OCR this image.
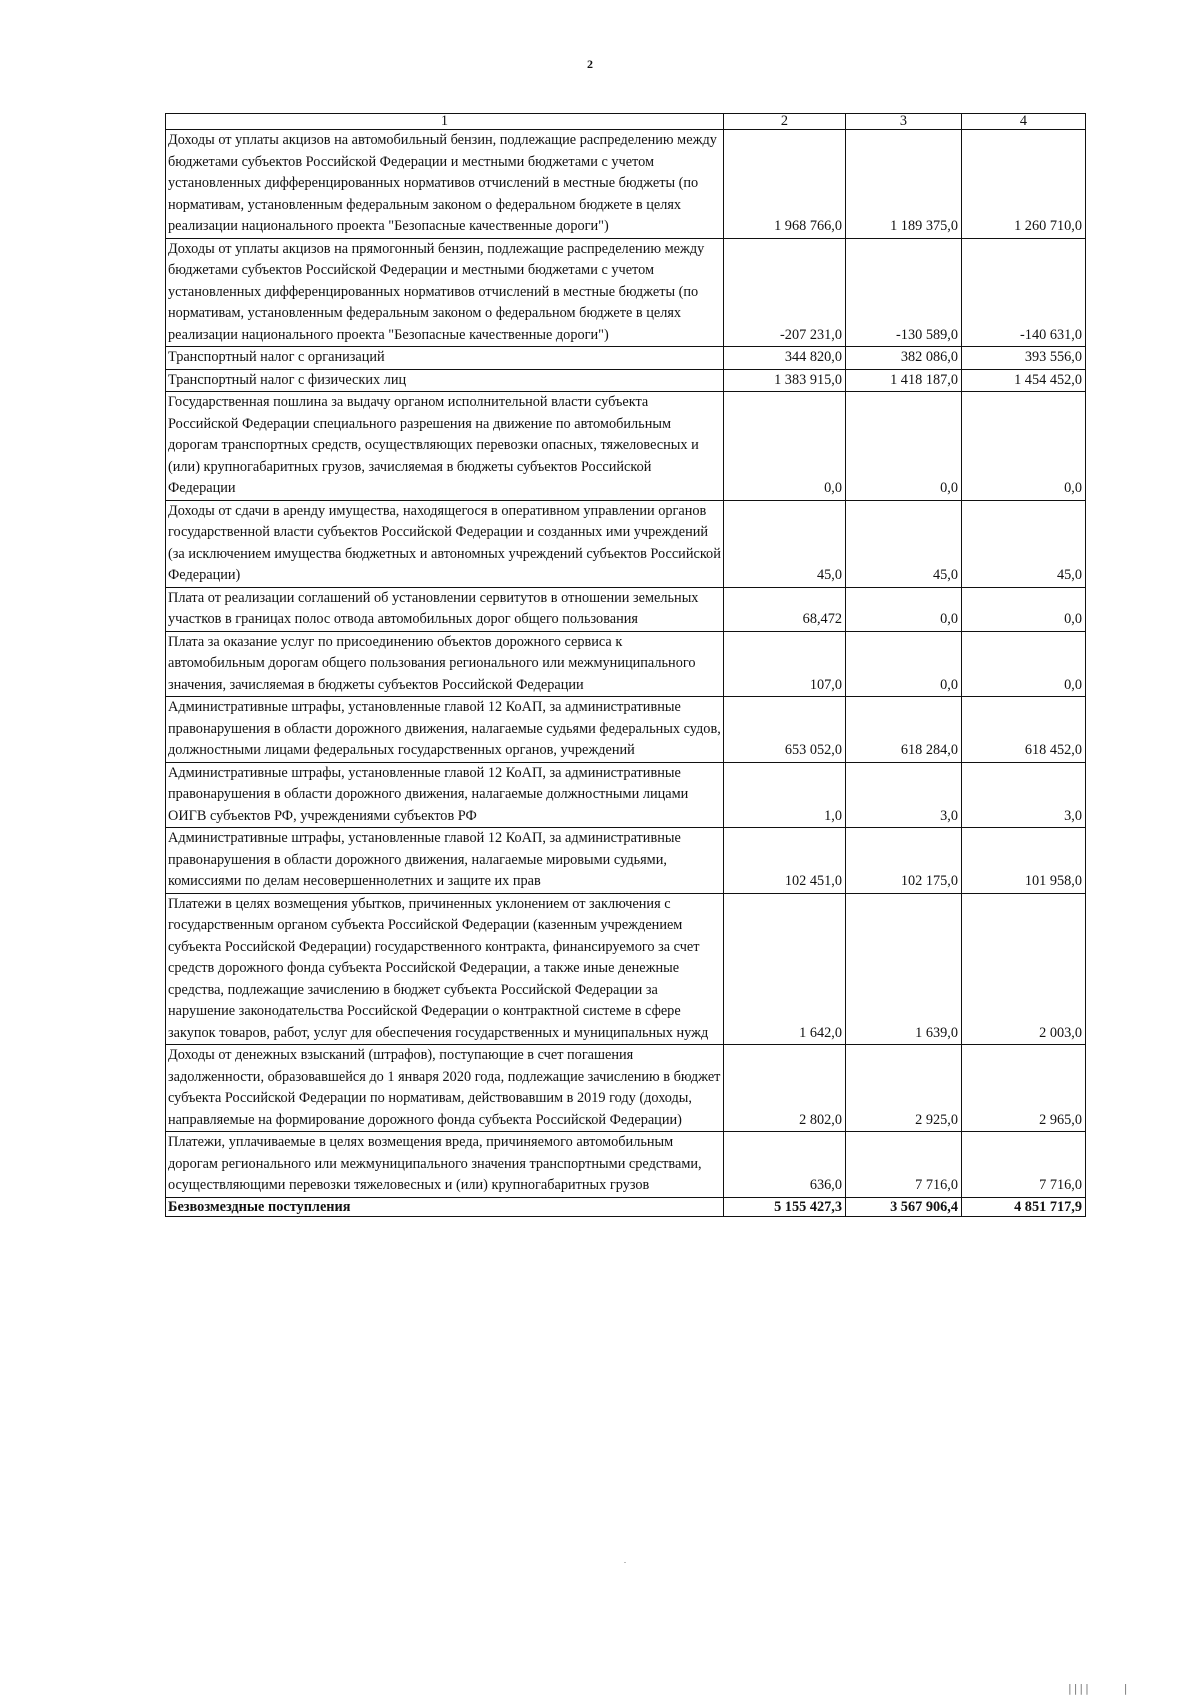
2
1	2	3	4
Доходы от уплаты акцизов на автомобильный бензин, подлежащие распределению между бюджетами субъектов Российской Федерации и местными бюджетами с учетом установленных дифференцированных нормативов отчислений в местные бюджеты (по нормативам, установленным федеральным законом о федеральном бюджете в целях реализации национального проекта "Безопасные качественные дороги")	1 968 766,0	1 189 375,0	1 260 710,0
Доходы от уплаты акцизов на прямогонный бензин, подлежащие распределению между бюджетами субъектов Российской Федерации и местными бюджетами с учетом установленных дифференцированных нормативов отчислений в местные бюджеты (по нормативам, установленным федеральным законом о федеральном бюджете в целях реализации национального проекта "Безопасные качественные дороги")	-207 231,0	-130 589,0	-140 631,0
Транспортный налог с организаций	344 820,0	382 086,0	393 556,0
Транспортный налог с физических лиц	1 383 915,0	1 418 187,0	1 454 452,0
Государственная пошлина за выдачу органом исполнительной власти субъекта Российской Федерации специального разрешения на движение по автомобильным дорогам транспортных средств, осуществляющих перевозки опасных, тяжеловесных и (или) крупногабаритных грузов, зачисляемая в бюджеты субъектов Российской Федерации	0,0	0,0	0,0
Доходы от сдачи в аренду имущества, находящегося в оперативном управлении органов государственной власти субъектов Российской Федерации и созданных ими учреждений (за исключением имущества бюджетных и автономных учреждений субъектов Российской Федерации)	45,0	45,0	45,0
Плата от реализации соглашений об установлении сервитутов в отношении земельных участков в границах полос отвода автомобильных дорог общего пользования	68,472	0,0	0,0
Плата за оказание услуг по присоединению объектов дорожного сервиса к автомобильным дорогам общего пользования регионального или межмуниципального значения, зачисляемая в бюджеты субъектов Российской Федерации	107,0	0,0	0,0
Административные штрафы, установленные главой 12 КоАП, за административные правонарушения в области дорожного движения, налагаемые судьями федеральных судов, должностными лицами федеральных государственных органов, учреждений	653 052,0	618 284,0	618 452,0
Административные штрафы, установленные главой 12 КоАП, за административные правонарушения в области дорожного движения, налагаемые должностными лицами ОИГВ субъектов РФ, учреждениями субъектов РФ	1,0	3,0	3,0
Административные штрафы, установленные главой 12 КоАП, за административные правонарушения в области дорожного движения, налагаемые мировыми судьями, комиссиями по делам несовершеннолетних и защите их прав	102 451,0	102 175,0	101 958,0
Платежи в целях возмещения убытков, причиненных уклонением от заключения с государственным органом субъекта Российской Федерации (казенным учреждением субъекта Российской Федерации) государственного контракта, финансируемого за счет средств дорожного фонда субъекта Российской Федерации, а также иные денежные средства, подлежащие зачислению в бюджет субъекта Российской Федерации за нарушение законодательства Российской Федерации о контрактной системе в сфере закупок товаров, работ, услуг для обеспечения государственных и муниципальных нужд	1 642,0	1 639,0	2 003,0
Доходы от денежных взысканий (штрафов), поступающие в счет погашения задолженности, образовавшейся до 1 января 2020 года, подлежащие зачислению в бюджет субъекта Российской Федерации по нормативам, действовавшим в 2019 году (доходы, направляемые на формирование дорожного фонда субъекта Российской Федерации)	2 802,0	2 925,0	2 965,0
Платежи, уплачиваемые в целях возмещения вреда, причиняемого автомобильным дорогам регионального или межмуниципального значения транспортными средствами, осуществляющими перевозки тяжеловесных и (или) крупногабаритных грузов	636,0	7 716,0	7 716,0
Безвозмездные поступления	5 155 427,3	3 567 906,4	4 851 717,9
||||      |
